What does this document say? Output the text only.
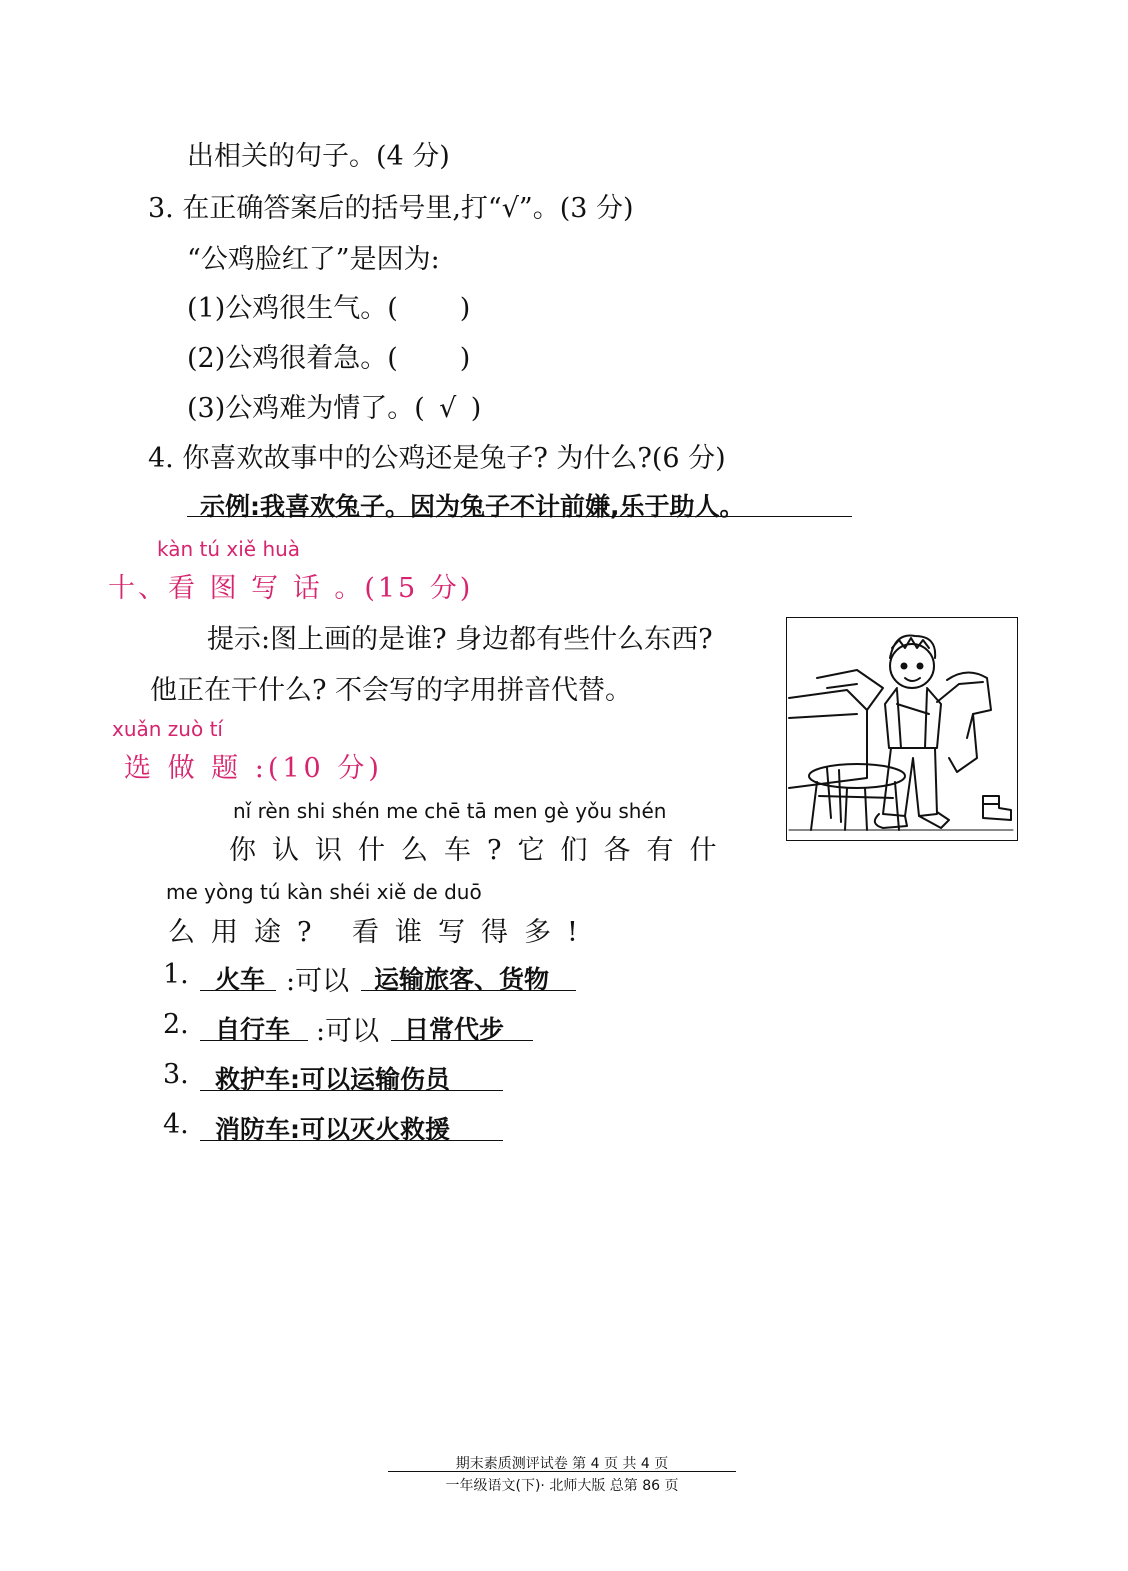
出相关的句子。(4 分)
3. 在正确答案后的括号里,打“√”。(3 分)
“公鸡脸红了”是因为:
(1)公鸡很生气。( )
(2)公鸡很着急。( )
(3)公鸡难为情了。( √ )
4. 你喜欢故事中的公鸡还是兔子? 为什么?(6 分)
示例:我喜欢兔子。因为兔子不计前嫌,乐于助人。
kàn tú xiě huà
十、看 图 写 话 。(15 分)
提示:图上画的是谁? 身边都有些什么东西?
他正在干什么? 不会写的字用拼音代替。
xuǎn zuò tí
选 做 题 :(10 分)
nǐ rèn shi shén me chē tā men gè yǒu shén
你认识什么车?它们各有什
me yòng tú kàn shéi xiě de duō
么用途? 看谁写得多!
1. 火车 :可以 运输旅客、货物
2. 自行车 :可以 日常代步
3. 救护车:可以运输伤员
4. 消防车:可以灭火救援
期末素质测评试卷 第 4 页 共 4 页
一年级语文(下)· 北师大版 总第 86 页
